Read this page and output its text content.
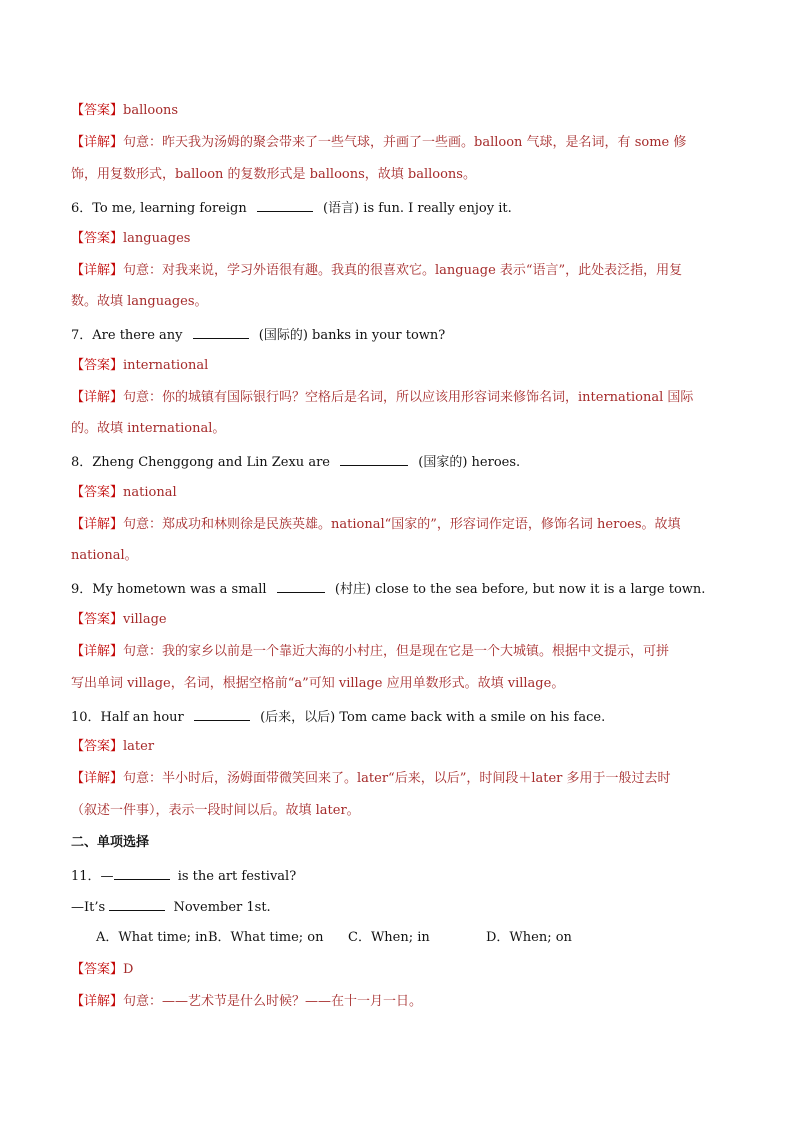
【答案】balloons
【详解】句意：昨天我为汤姆的聚会带来了一些气球，并画了一些画。balloon 气球，是名词，有 some 修
饰，用复数形式，balloon 的复数形式是 balloons，故填 balloons。
6．To me, learning foreign	(语言) is fun. I really enjoy it.
【答案】languages
【详解】句意：对我来说，学习外语很有趣。我真的很喜欢它。language 表示“语言”，此处表泛指，用复
数。故填 languages。
7．Are there any	(国际的) banks in your town?
【答案】international
【详解】句意：你的城镇有国际银行吗？空格后是名词，所以应该用形容词来修饰名词，international 国际
的。故填 international。
8．Zheng Chenggong and Lin Zexu are	(国家的) heroes.
【答案】national
【详解】句意：郑成功和林则徐是民族英雄。national“国家的”，形容词作定语，修饰名词 heroes。故填
national。
9．My hometown was a small	(村庄) close to the sea before, but now it is a large town.
【答案】village
【详解】句意：我的家乡以前是一个靠近大海的小村庄，但是现在它是一个大城镇。根据中文提示，可拼
写出单词 village，名词，根据空格前“a”可知 village 应用单数形式。故填 village。
10．Half an hour	(后来，以后) Tom came back with a smile on his face.
【答案】later
【详解】句意：半小时后，汤姆面带微笑回来了。later“后来，以后”，时间段＋later 多用于一般过去时
（叙述一件事），表示一段时间以后。故填 later。
二、单项选择
11．—	is the art festival?
—It’s	November 1st.
A．What time; inB．What time; on C．When; in	D．When; on
【答案】D
【详解】句意：——艺术节是什么时候？——在十一月一日。
